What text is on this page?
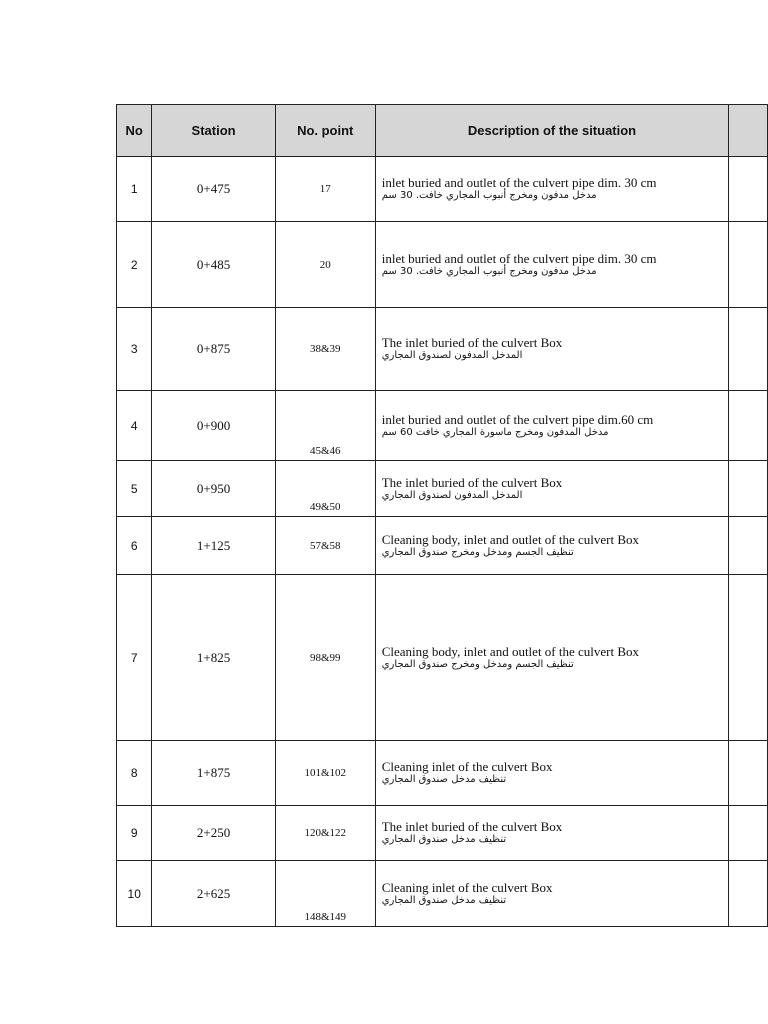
No	Station	No. point	Description of the situation	
1	0+475	17	inlet buried and outlet of the culvert pipe dim. 30 cm
مدخل مدفون ومخرج أنبوب المجاري خافت. 30 سم	

2	0+485	20	inlet buried and outlet of the culvert pipe dim. 30 cm
مدخل مدفون ومخرج أنبوب المجاري خافت. 30 سم	

3	0+875	38&39	The inlet buried of the culvert Box
المدخل المدفون لصندوق المجاري	

4	0+900	45&46	inlet buried and outlet of the culvert pipe dim.60 cm
مدخل المدفون ومخرج ماسورة المجاري خافت 60 سم	

5	0+950	49&50	The inlet buried of the culvert Box
المدخل المدفون لصندوق المجاري	

6	1+125	57&58	Cleaning body, inlet and outlet of the culvert Box
تنظيف الجسم ومدخل ومخرج صندوق المجاري	

7	1+825	98&99	Cleaning body, inlet and outlet of the culvert Box
تنظيف الجسم ومدخل ومخرج صندوق المجاري	

8	1+875	101&102	Cleaning inlet of the culvert Box
تنظيف مدخل صندوق المجاري	

9	2+250	120&122	The inlet buried of the culvert Box
تنظيف مدخل صندوق المجاري	

10	2+625	148&149	Cleaning inlet of the culvert Box
تنظيف مدخل صندوق المجاري	
